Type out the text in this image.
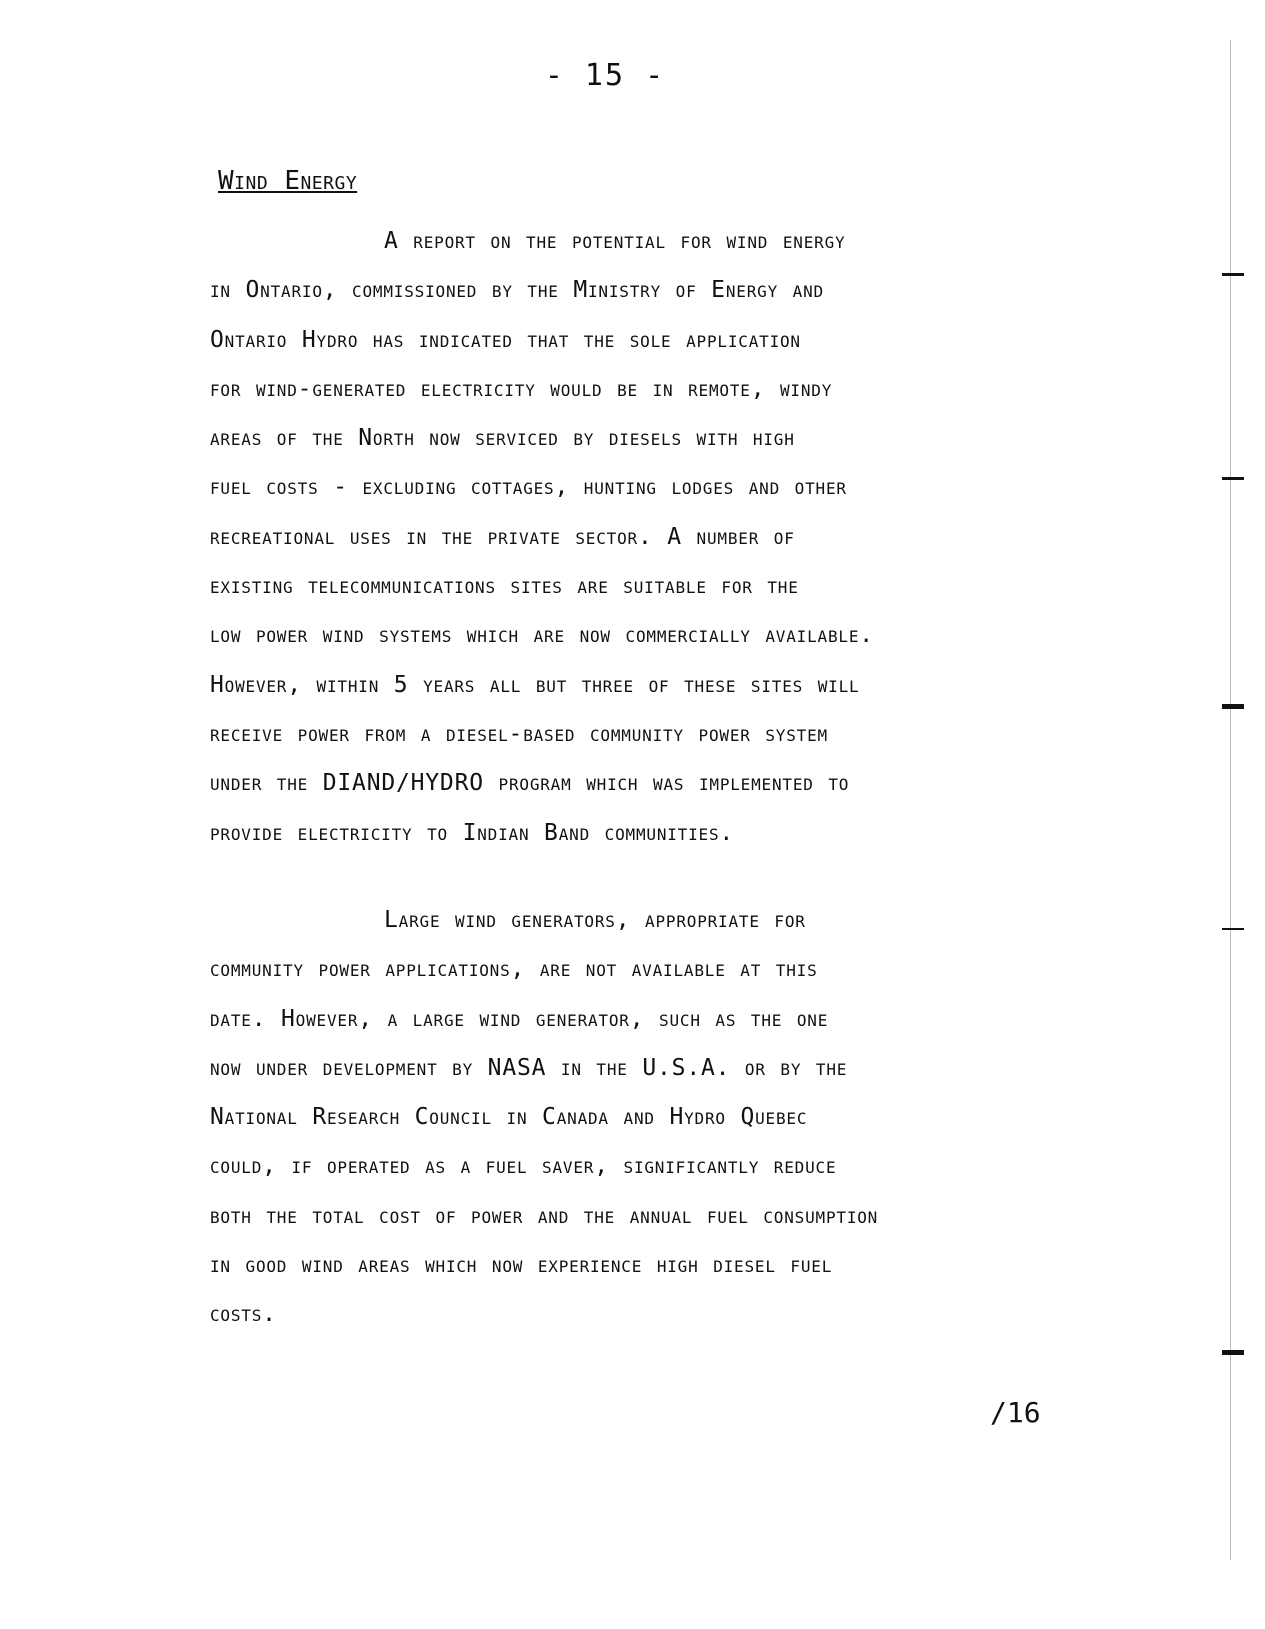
- 15 -
Wind Energy
A report on the potential for wind energy
in Ontario, commissioned by the Ministry of Energy and
Ontario Hydro has indicated that the sole application
for wind-generated electricity would be in remote, windy
areas of the North now serviced by diesels with high
fuel costs - excluding cottages, hunting lodges and other
recreational uses in the private sector. A number of
existing telecommunications sites are suitable for the
low power wind systems which are now commercially available.
However, within 5 years all but three of these sites will
receive power from a diesel-based community power system
under the DIAND/HYDRO program which was implemented to
provide electricity to Indian Band communities.
Large wind generators, appropriate for
community power applications, are not available at this
date. However, a large wind generator, such as the one
now under development by NASA in the U.S.A. or by the
National Research Council in Canada and Hydro Quebec
could, if operated as a fuel saver, significantly reduce
both the total cost of power and the annual fuel consumption
in good wind areas which now experience high diesel fuel
costs.
/16
